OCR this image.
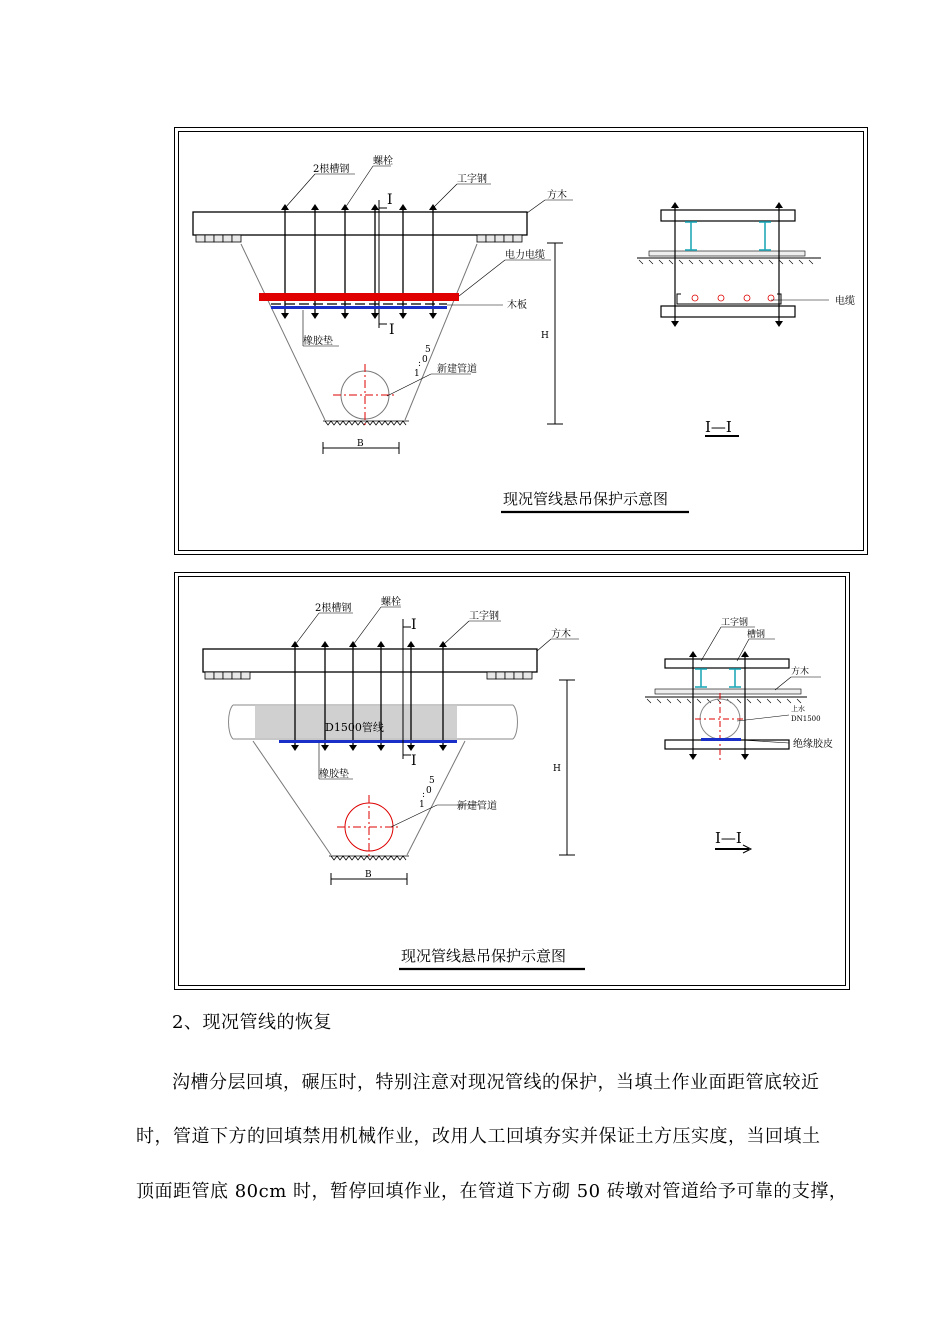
I
I
2根槽钢
螺栓
工字钢
方木
电力电缆
木板
橡胶垫
新建管道
5
0
:
1
H
B
电缆
I—I
现况管线悬吊保护示意图
D1500管线
I
I
2根槽钢
螺栓
工字钢
方木
橡胶垫
新建管道
5
0
:
1
H
B
工字钢
槽钢
方木
上水
DN1500
绝缘胶皮
I—I
现况管线悬吊保护示意图
2、现况管线的恢复
沟槽分层回填，碾压时，特别注意对现况管线的保护，当填土作业面距管底较近
时，管道下方的回填禁用机械作业，改用人工回填夯实并保证土方压实度，当回填土
顶面距管底 80cm 时，暂停回填作业，在管道下方砌 50 砖墩对管道给予可靠的支撑，
